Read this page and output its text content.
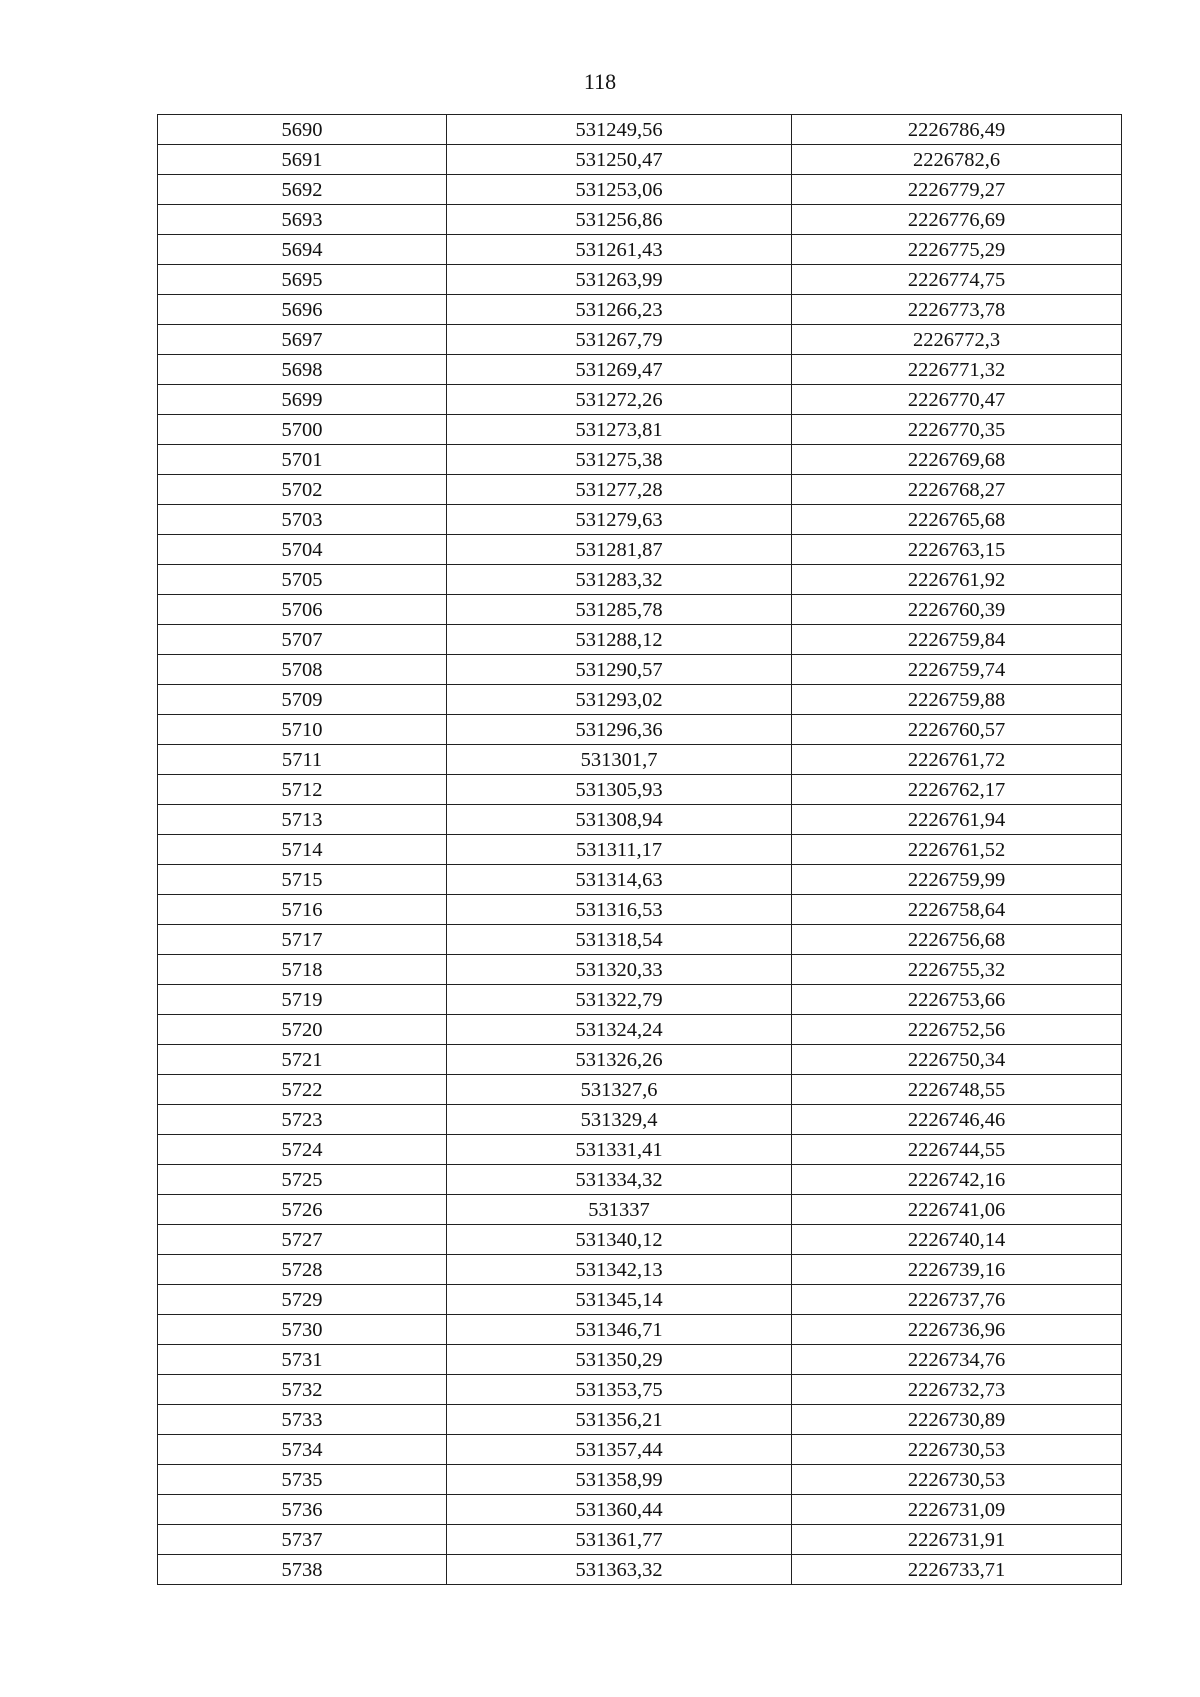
118
5690	531249,56	2226786,49
5691	531250,47	2226782,6
5692	531253,06	2226779,27
5693	531256,86	2226776,69
5694	531261,43	2226775,29
5695	531263,99	2226774,75
5696	531266,23	2226773,78
5697	531267,79	2226772,3
5698	531269,47	2226771,32
5699	531272,26	2226770,47
5700	531273,81	2226770,35
5701	531275,38	2226769,68
5702	531277,28	2226768,27
5703	531279,63	2226765,68
5704	531281,87	2226763,15
5705	531283,32	2226761,92
5706	531285,78	2226760,39
5707	531288,12	2226759,84
5708	531290,57	2226759,74
5709	531293,02	2226759,88
5710	531296,36	2226760,57
5711	531301,7	2226761,72
5712	531305,93	2226762,17
5713	531308,94	2226761,94
5714	531311,17	2226761,52
5715	531314,63	2226759,99
5716	531316,53	2226758,64
5717	531318,54	2226756,68
5718	531320,33	2226755,32
5719	531322,79	2226753,66
5720	531324,24	2226752,56
5721	531326,26	2226750,34
5722	531327,6	2226748,55
5723	531329,4	2226746,46
5724	531331,41	2226744,55
5725	531334,32	2226742,16
5726	531337	2226741,06
5727	531340,12	2226740,14
5728	531342,13	2226739,16
5729	531345,14	2226737,76
5730	531346,71	2226736,96
5731	531350,29	2226734,76
5732	531353,75	2226732,73
5733	531356,21	2226730,89
5734	531357,44	2226730,53
5735	531358,99	2226730,53
5736	531360,44	2226731,09
5737	531361,77	2226731,91
5738	531363,32	2226733,71
